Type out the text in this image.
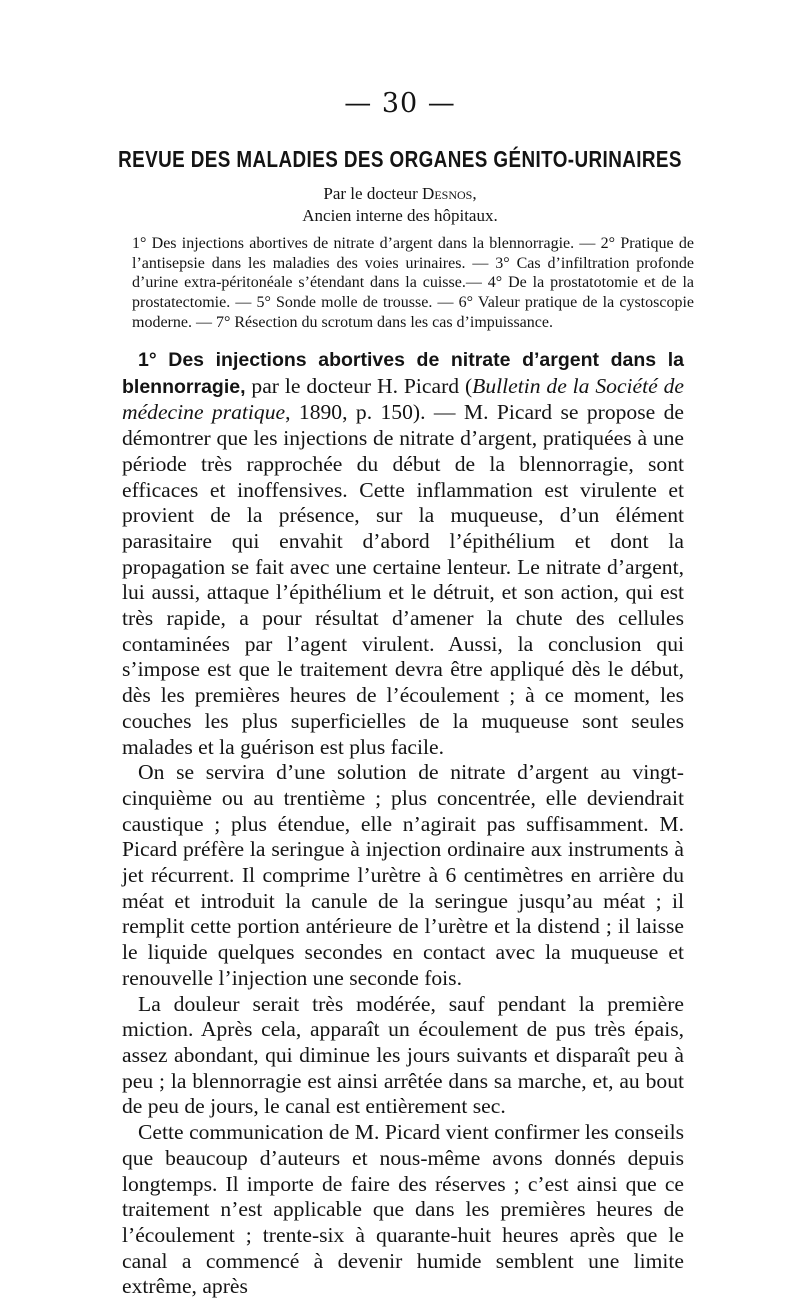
— 30 —
REVUE DES MALADIES DES ORGANES GÉNITO-URINAIRES
Par le docteur Desnos,
Ancien interne des hôpitaux.

1° Des injections abortives de nitrate d’argent dans la blennorragie. — 2° Pratique de l’antisepsie dans les maladies des voies urinaires. — 3° Cas d’infiltration profonde d’urine extra-péritonéale s’étendant dans la cuisse.— 4° De la prostatotomie et de la prostatectomie. — 5° Sonde molle de trousse. — 6° Valeur pratique de la cystoscopie moderne. — 7° Résection du scrotum dans les cas d’impuissance.

1° Des injections abortives de nitrate d’argent dans la blennorragie, par le docteur H. Picard (Bulletin de la Société de médecine pratique, 1890, p. 150). — M. Picard se propose de démontrer que les injections de nitrate d’argent, pratiquées à une période très rapprochée du début de la blennorragie, sont efficaces et inoffensives. Cette inflammation est virulente et provient de la présence, sur la muqueuse, d’un élément parasitaire qui envahit d’abord l’épithélium et dont la propagation se fait avec une certaine lenteur. Le nitrate d’argent, lui aussi, attaque l’épithélium et le détruit, et son action, qui est très rapide, a pour résultat d’amener la chute des cellules contaminées par l’agent virulent. Aussi, la conclusion qui s’impose est que le traitement devra être appliqué dès le début, dès les premières heures de l’écoulement ; à ce moment, les couches les plus superficielles de la muqueuse sont seules malades et la guérison est plus facile.

On se servira d’une solution de nitrate d’argent au vingt-cinquième ou au trentième ; plus concentrée, elle deviendrait caustique ; plus étendue, elle n’agirait pas suffisamment. M. Picard préfère la seringue à injection ordinaire aux instruments à jet récurrent. Il comprime l’urètre à 6 centimètres en arrière du méat et introduit la canule de la seringue jusqu’au méat ; il remplit cette portion antérieure de l’urètre et la distend ; il laisse le liquide quelques secondes en contact avec la muqueuse et renouvelle l’injection une seconde fois.

La douleur serait très modérée, sauf pendant la première miction. Après cela, apparaît un écoulement de pus très épais, assez abondant, qui diminue les jours suivants et disparaît peu à peu ; la blennorragie est ainsi arrêtée dans sa marche, et, au bout de peu de jours, le canal est entièrement sec.

Cette communication de M. Picard vient confirmer les conseils que beaucoup d’auteurs et nous-même avons donnés depuis longtemps. Il importe de faire des réserves ; c’est ainsi que ce traitement n’est applicable que dans les premières heures de l’écoulement ; trente-six à quarante-huit heures après que le canal a commencé à devenir humide semblent une limite extrême, après
